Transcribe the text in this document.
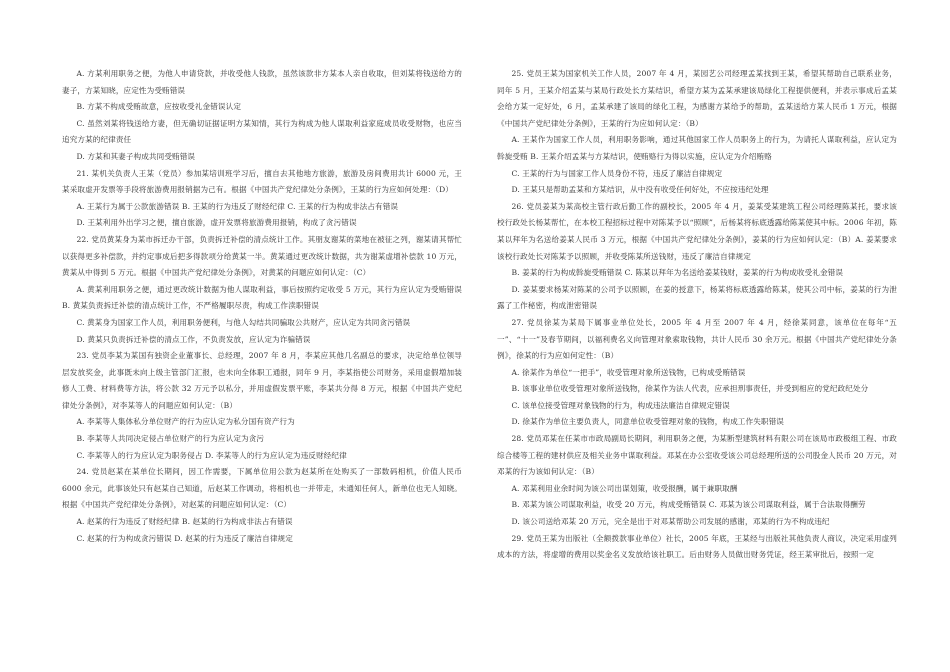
A. 方某利用职务之便，为他人申请贷款，并收受他人钱款，虽然该款非方某本人亲自收取，但刘某将钱送给方的妻子，方某知晓，应定性为受贿错误

B. 方某不构成受贿故意，应按收受礼金错误认定

C. 虽然刘某将钱送给方妻，但无确切证据证明方某知情，其行为构成为他人谋取利益家庭成员收受财物，也应当追究方某的纪律责任

D. 方某和其妻子构成共同受贿错误

21. 某机关负责人王某（党员）参加某培训班学习后，擅自去其他地方旅游，旅游及房间费用共计 6000 元，王某采取虚开发票等手段将旅游费用报销据为己有。根据《中国共产党纪律处分条例》，王某的行为应如何处理：（D）

A. 王某行为属于公款旅游错误 B. 王某的行为违反了财经纪律 C. 王某的行为构成非法占有错误

D. 王某利用外出学习之便，擅自旅游，虚开发票将旅游费用报销，构成了贪污错误

22. 党员黄某身为某市拆迁办干部，负责拆迁补偿的清点统计工作。其朋友谢某的菜地在被征之列，谢某请其帮忙以获得更多补偿款，并约定事成后把多得款项分给黄某一半。黄某通过更改统计数据，共为谢某虚增补偿款 10 万元，黄某从中得到 5 万元。根据《中国共产党纪律处分条例》，对黄某的问题应如何认定：（C）

A. 黄某利用职务之便，通过更改统计数据为他人谋取利益，事后按照约定收受 5 万元，其行为应认定为受贿错误 B. 黄某负责拆迁补偿的清点统计工作，不严格履职尽责，构成工作渎职错误

C. 黄某身为国家工作人员，利用职务便利，与他人勾结共同骗取公共财产，应认定为共同贪污错误

D. 黄某只负责拆迁补偿的清点工作，不负责发放，应认定为诈骗错误

23. 党员李某为某国有独资企业董事长、总经理，2007 年 8 月，李某应其他几名副总的要求，决定给单位领导层发放奖金，此事既未向上级主管部门汇报，也未向全体职工通报，同年 9 月，李某指使公司财务，采用虚假増加装修人工费、材料费等方法，将公款 32 万元予以私分，并用虚假发票平账，李某共分得 8 万元，根据《中国共产党纪律处分条例》，对李某等人的问题应如何认定：（B）

A. 李某等人集体私分单位财产的行为应认定为私分国有资产行为

B. 李某等人共同决定侵占单位财产的行为应认定为贪污

C. 李某等人的行为应认定为职务侵占 D. 李某等人的行为应认定为违反财经纪律

24. 党员赵某在某单位长期间，因工作需要，下属单位用公款为赵某所在处购买了一部数码相机，价值人民币 6000 余元，此事该处只有赵某自己知道，后赵某工作调动，将相机也一并带走，未通知任何人，新单位也无人知晓。根据《中国共产党纪律处分条例》，对赵某的问题应如何认定：（C）

A. 赵某的行为违反了财经纪律 B. 赵某的行为构成非法占有错误

C. 赵某的行为构成贪污错误 D. 赵某的行为违反了廉洁自律规定

25. 党员王某为国家机关工作人员，2007 年 4 月，某园艺公司经理孟某找到王某，希望其帮助自己联系业务，同年 5 月，王某介绍孟某与某局行政处长方某结识，希望方某为孟某承建该局绿化工程提供便利，并表示事成后孟某会给方某一定好处，6 月，孟某承建了该局的绿化工程，为感谢方某给予的帮助，孟某送给方某人民币 1 万元，根据《中国共产党纪律处分条例》，王某的行为应如何认定：（B）

A. 王某作为国家工作人员，利用职务影响，通过其他国家工作人员职务上的行为，为请托人谋取利益，应认定为斡旋受贿 B. 王某介绍孟某与方某结识，使贿赂行为得以实施，应认定为介绍贿赂

C. 王某的行为与国家工作人员身份不符，违反了廉洁自律规定

D. 王某只是帮助孟某和方某结识，从中没有收受任何好处，不应按违纪处理

26. 党员姜某为某高校主管行政后勤工作的副校长，2005 年 4 月，姜某受某建筑工程公司经理陈某托，要求该校行政处长杨某帮忙，在本校工程招标过程中对陈某予以“照顾”，后杨某将标底透露给陈某使其中标。2006 年初，陈某以拜年为名送给姜某人民币 3 万元，根据《中国共产党纪律处分条例》，姜某的行为应如何认定：（B）A. 姜某要求该校行政处长对陈某予以照顾，并收受陈某所送钱财，违反了廉洁自律规定

B. 姜某的行为构成斡旋受贿错误 C. 陈某以拜年为名送给姜某钱财，姜某的行为构成收受礼金错误

D. 姜某要求杨某对陈某的公司予以照顾，在姜的授意下，杨某将标底透露给陈某，使其公司中标，姜某的行为泄露了工作秘密，构成泄密错误

27. 党员徐某为某局下属事业单位处长，2005 年 4 月至 2007 年 4 月，经徐某同意，该单位在每年“五一”、“十一”及春节期间，以福利费名义向管理对象索取钱物，共计人民币 30 余万元。根据《中国共产党纪律处分条例》，徐某的行为应如何定性：（B）

A. 徐某作为单位“一把手”，收受管理对象所送钱物，已构成受贿错误

B. 该事业单位收受管理对象所送钱物，徐某作为法人代表，应承担刑事责任，并受到相应的党纪政纪处分

C. 该单位接受管理对象钱物的行为，构成违法廉洁自律规定错误

D. 徐某作为单位主要负责人，同意单位收受管理对象的钱物，构成工作失职错误

28. 党员邓某在任某市市政局副局长期间，利用职务之便，为某断型建筑材料有限公司在该局市政极组工程、市政综合楼等工程的建材供应及相关业务中谋取利益。邓某在办公室收受该公司总经理所送的公司股金人民币 20 万元，对邓某的行为该如何认定：（B）

A. 邓某利用业余时间为该公司出谋划策，收受报酬，属于兼职取酬

B. 邓某为该公司谋取利益，收受 20 万元，构成受贿错误 C. 邓某为该公司谋取利益，属于合法取得酬劳

D. 该公司送给邓某 20 万元，完全是出于对邓某帮助公司发展的感谢，邓某的行为不构成违纪

29. 党员王某为出版社（全额拨款事业单位）社长，2005 年底，王某经与出版社其他负责人商议，决定采用虚列成本的方法，将虚增的费用以奖金名义发放给该社职工。后由财务人员做出财务凭证，经王某审批后，按照一定
